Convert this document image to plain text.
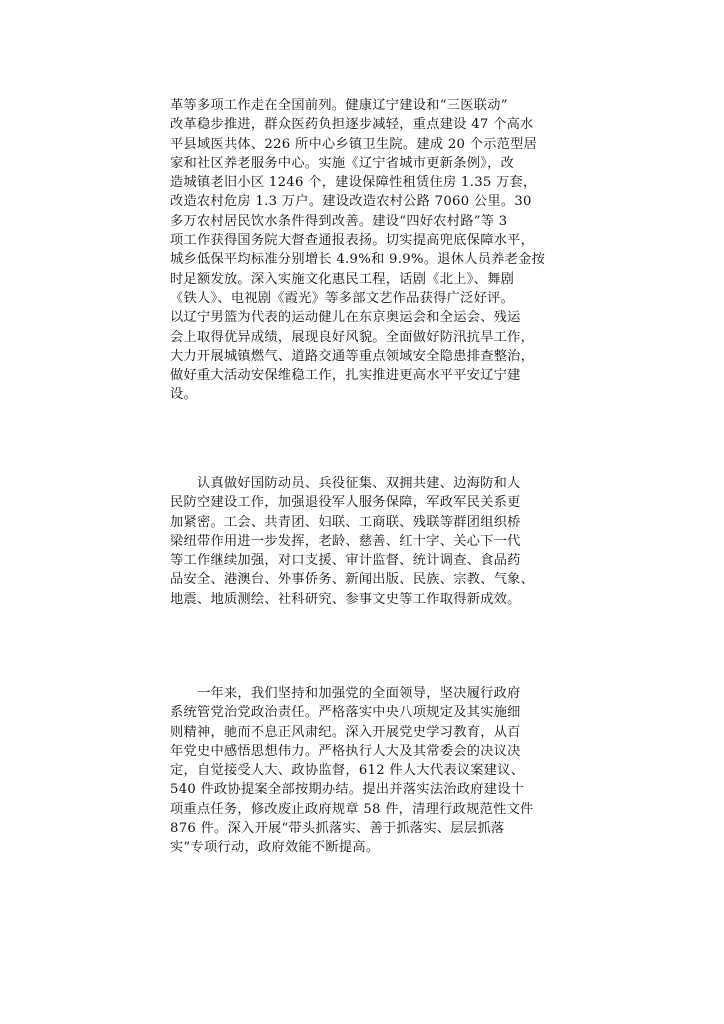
革等多项工作走在全国前列。健康辽宁建设和“三医联动”
改革稳步推进，群众医药负担逐步减轻，重点建设 47 个高水
平县域医共体、226 所中心乡镇卫生院。建成 20 个示范型居
家和社区养老服务中心。实施《辽宁省城市更新条例》，改
造城镇老旧小区 1246 个，建设保障性租赁住房 1.35 万套，
改造农村危房 1.3 万户。建设改造农村公路 7060 公里。30
多万农村居民饮水条件得到改善。建设“四好农村路”等 3
项工作获得国务院大督查通报表扬。切实提高兜底保障水平，
城乡低保平均标准分别增长 4.9%和 9.9%。退休人员养老金按
时足额发放。深入实施文化惠民工程，话剧《北上》、舞剧
《铁人》、电视剧《霞光》等多部文艺作品获得广泛好评。
以辽宁男篮为代表的运动健儿在东京奥运会和全运会、残运
会上取得优异成绩，展现良好风貌。全面做好防汛抗旱工作，
大力开展城镇燃气、道路交通等重点领域安全隐患排查整治，
做好重大活动安保维稳工作，扎实推进更高水平平安辽宁建
设。
认真做好国防动员、兵役征集、双拥共建、边海防和人
民防空建设工作，加强退役军人服务保障，军政军民关系更
加紧密。工会、共青团、妇联、工商联、残联等群团组织桥
梁纽带作用进一步发挥，老龄、慈善、红十字、关心下一代
等工作继续加强，对口支援、审计监督、统计调查、食品药
品安全、港澳台、外事侨务、新闻出版、民族、宗教、气象、
地震、地质测绘、社科研究、参事文史等工作取得新成效。
一年来，我们坚持和加强党的全面领导，坚决履行政府
系统管党治党政治责任。严格落实中央八项规定及其实施细
则精神，驰而不息正风肃纪。深入开展党史学习教育，从百
年党史中感悟思想伟力。严格执行人大及其常委会的决议决
定，自觉接受人大、政协监督，612 件人大代表议案建议、
540 件政协提案全部按期办结。提出并落实法治政府建设十
项重点任务，修改废止政府规章 58 件，清理行政规范性文件
876 件。深入开展“带头抓落实、善于抓落实、层层抓落
实”专项行动，政府效能不断提高。
